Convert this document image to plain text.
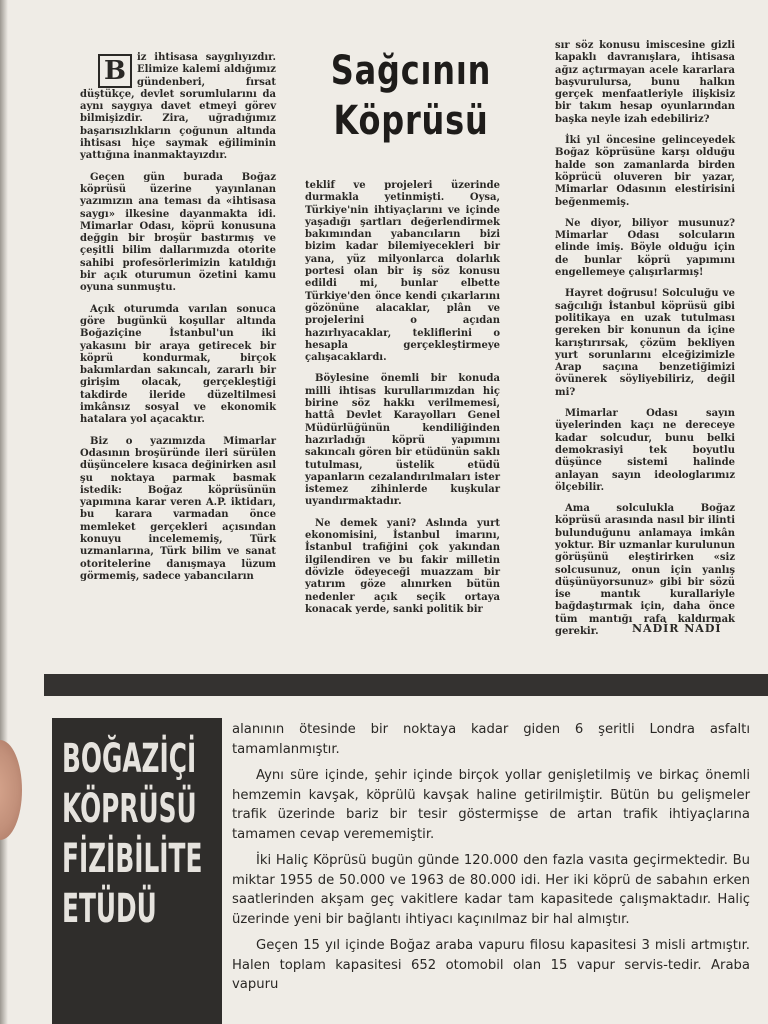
B	iz ihtisasa saygılıyızdır. Elimize kalemi aldığımız gündenberi, fırsat düştükçe, devlet sorumlularını da aynı saygıya davet etmeyi görev bilmişizdir. Zira, uğradığımız başarısızlıkların çoğunun altında ihtisası hiçe saymak eğiliminin yattığına inanmaktayızdır.

Geçen gün burada Boğaz köprüsü üzerine yayınlanan yazımızın ana teması da «ihtisasa saygı» ilkesine dayanmakta idi. Mimarlar Odası, köprü konusuna değgin bir broşür bastırmış ve çeşitli bilim dallarımızda otorite sahibi profesörlerimizin katıldığı bir açık oturumun özetini kamu oyuna sunmuştu.

Açık oturumda varılan sonuca göre bugünkü koşullar altında Boğaziçine İstanbul'un iki yakasını bir araya getirecek bir köprü kondurmak, birçok bakımlardan sakıncalı, zararlı bir girişim olacak, gerçekleştiği takdirde ileride düzeltilmesi imkânsız sosyal ve ekonomik hatalara yol açacaktır.

Biz o yazımızda Mimarlar Odasının broşüründe ileri sürülen düşüncelere kısaca değinirken asıl şu noktaya parmak basmak istedik: Boğaz köprüsünün yapımına karar veren A.P. iktidarı, bu karara varmadan önce memleket gerçekleri açısından konuyu incelememiş, Türk uzmanlarına, Türk bilim ve sanat otoritelerine danışmaya lüzum görmemiş, sadece yabancıların

Sağcının
Köprüsü

teklif ve projeleri üzerinde durmakla yetinmişti. Oysa, Türkiye'nin ihtiyaçlarını ve içinde yaşadığı şartları değerlendirmek bakımından yabancıların bizi bizim kadar bilemiyecekleri bir yana, yüz milyonlarca dolarlık portesi olan bir iş söz konusu edildi mi, bunlar elbette Türkiye'den önce kendi çıkarlarını gözönüne alacaklar, plân ve projelerini o açıdan hazırlıyacaklar, tekliflerini o hesapla gerçekleştirmeye çalışacaklardı.

Böylesine önemli bir konuda milli ihtisas kurullarımızdan hiç birine söz hakkı verilmemesi, hattâ Devlet Karayolları Genel Müdürlüğünün kendiliğinden hazırladığı köprü yapımını sakıncalı gören bir etüdünün saklı tutulması, üstelik etüdü yapanların cezalandırılmaları ister istemez zihinlerde kuşkular uyandırmaktadır.

Ne demek yani? Aslında yurt ekonomisini, İstanbul imarını, İstanbul trafiğini çok yakından ilgilendiren ve bu fakir milletin dövizle ödeyeceği muazzam bir yatırım göze alınırken bütün nedenler açık seçik ortaya konacak yerde, sanki politik bir

sır söz konusu imiscesine gizli kapaklı davranışlara, ihtisasa ağız açtırmayan acele kararlara başvurulursa, bunu halkın gerçek menfaatleriyle ilişkisiz bir takım hesap oyunlarından başka neyle izah edebiliriz?

İki yıl öncesine gelinceyedek Boğaz köprüsüne karşı olduğu halde son zamanlarda birden köprücü oluveren bir yazar, Mimarlar Odasının elestirisini beğenmemiş.

Ne diyor, biliyor musunuz? Mimarlar Odası solcuların elinde imiş. Böyle olduğu için de bunlar köprü yapımını engellemeye çalışırlarmış!

Hayret doğrusu! Solculuğu ve sağcılığı İstanbul köprüsü gibi politikaya en uzak tutulması gereken bir konunun da içine karıştırırsak, çözüm bekliyen yurt sorunlarını elceğizimizle Arap saçına benzetiğimizi övünerek söyliyebiliriz, değil mi?

Mimarlar Odası sayın üyelerinden kaçı ne dereceye kadar solcudur, bunu belki demokrasiyi tek boyutlu düşünce sistemi halinde anlayan sayın ideologlarımız ölçebilir.

Ama solculukla Boğaz köprüsü arasında nasıl bir ilinti bulunduğunu anlamaya imkân yoktur. Bir uzmanlar kurulunun görüşünü eleştirirken «siz solcusunuz, onun için yanlış düşünüyorsunuz» gibi bir sözü ise mantık kurallariyle bağdaştırmak için, daha önce tüm mantığı rafa kaldırmak gerekir.	NADİR NADİ
BOĞAZİÇİ
KÖPRÜSÜ
FİZİBİLİTE
ETÜDÜ

alanının ötesinde bir noktaya kadar giden 6 şeritli Londra asfaltı tamamlanmıştır.

Aynı süre içinde, şehir içinde birçok yollar genişletilmiş ve birkaç önemli hemzemin kavşak, köprülü kavşak haline getirilmiştir. Bütün bu gelişmeler trafik üzerinde bariz bir tesir göstermişse de artan trafik ihtiyaçlarına tamamen cevap verememiştir.

İki Haliç Köprüsü bugün günde 120.000 den fazla vasıta geçirmektedir. Bu miktar 1955 de 50.000 ve 1963 de 80.000 idi. Her iki köprü de sabahın erken saatlerinden akşam geç vakitlere kadar tam kapasitede çalışmaktadır. Haliç üzerinde yeni bir bağlantı ihtiyacı kaçınılmaz bir hal almıştır.

Geçen 15 yıl içinde Boğaz araba vapuru filosu kapasitesi 3 misli artmıştır. Halen toplam kapasitesi 652 otomobil olan 15 vapur servis-tedir. Araba vapuru
